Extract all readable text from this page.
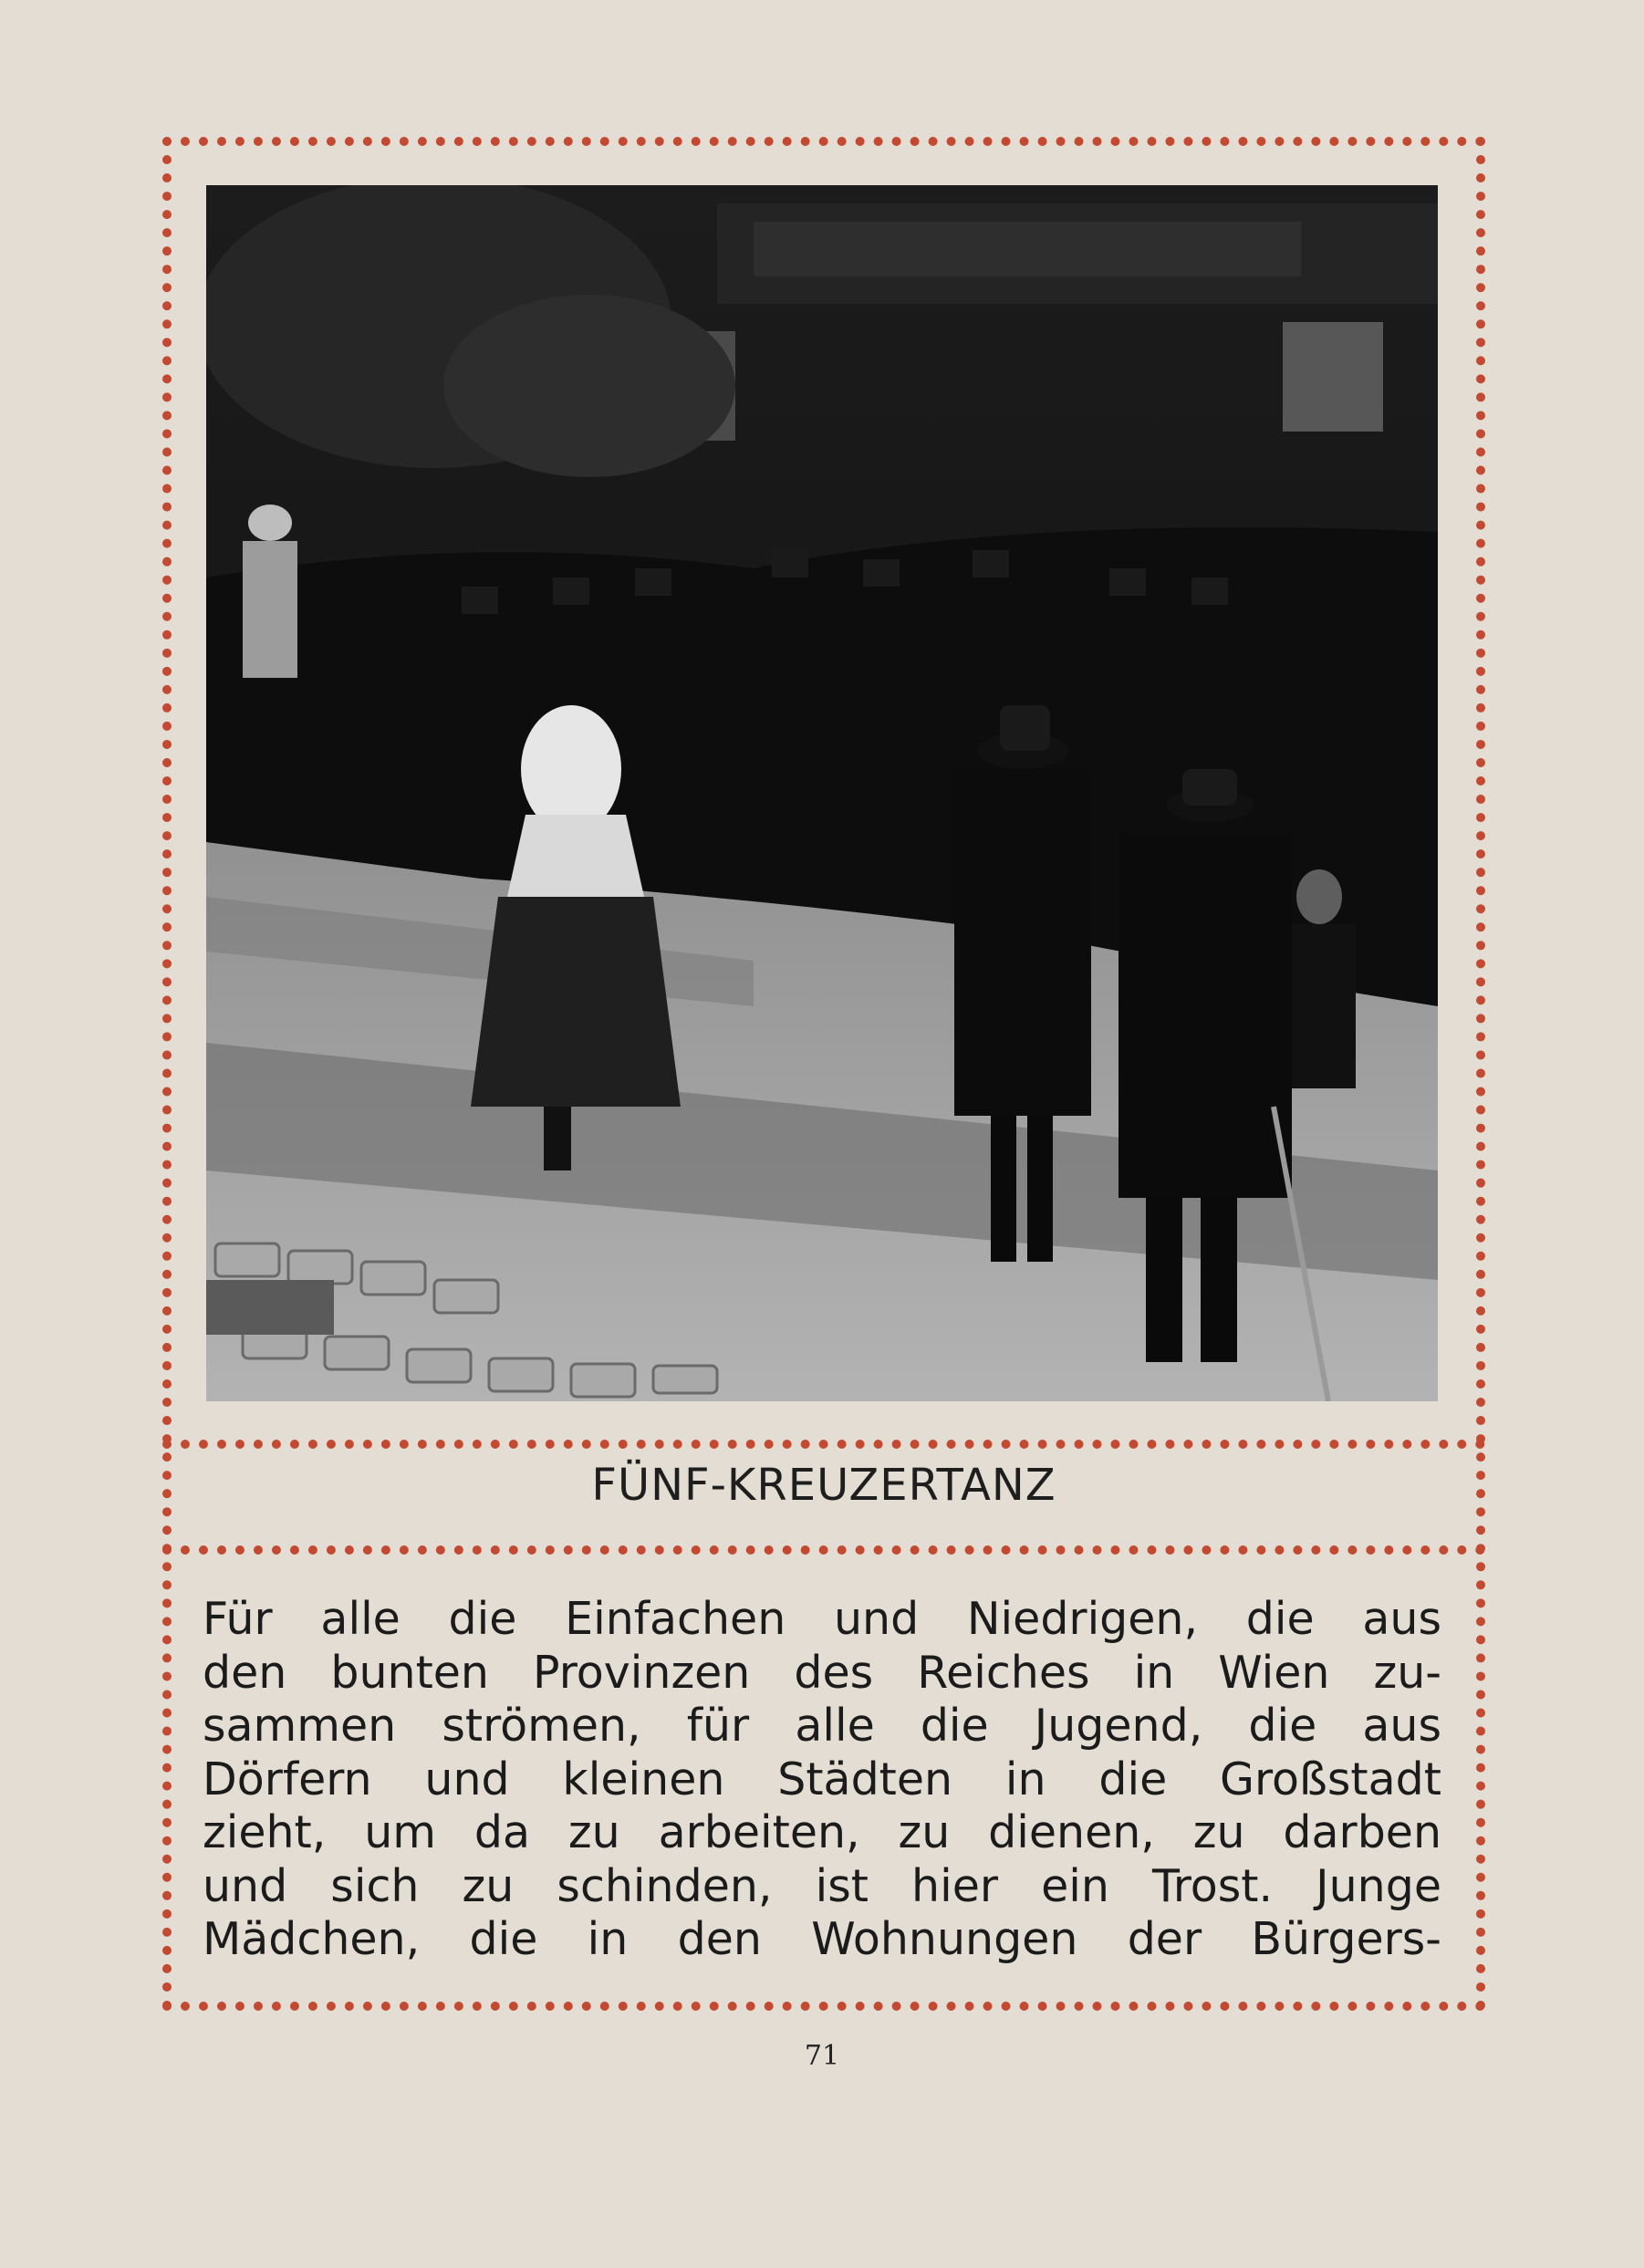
FÜNF-KREUZERTANZ
Für alle die Einfachen und Niedrigen, die aus
den bunten Provinzen des Reiches in Wien zu-
sammen strömen, für alle die Jugend, die aus
Dörfern und kleinen Städten in die Großstadt
zieht, um da zu arbeiten, zu dienen, zu darben
und sich zu schinden, ist hier ein Trost. Junge
Mädchen, die in den Wohnungen der Bürgers-
71
